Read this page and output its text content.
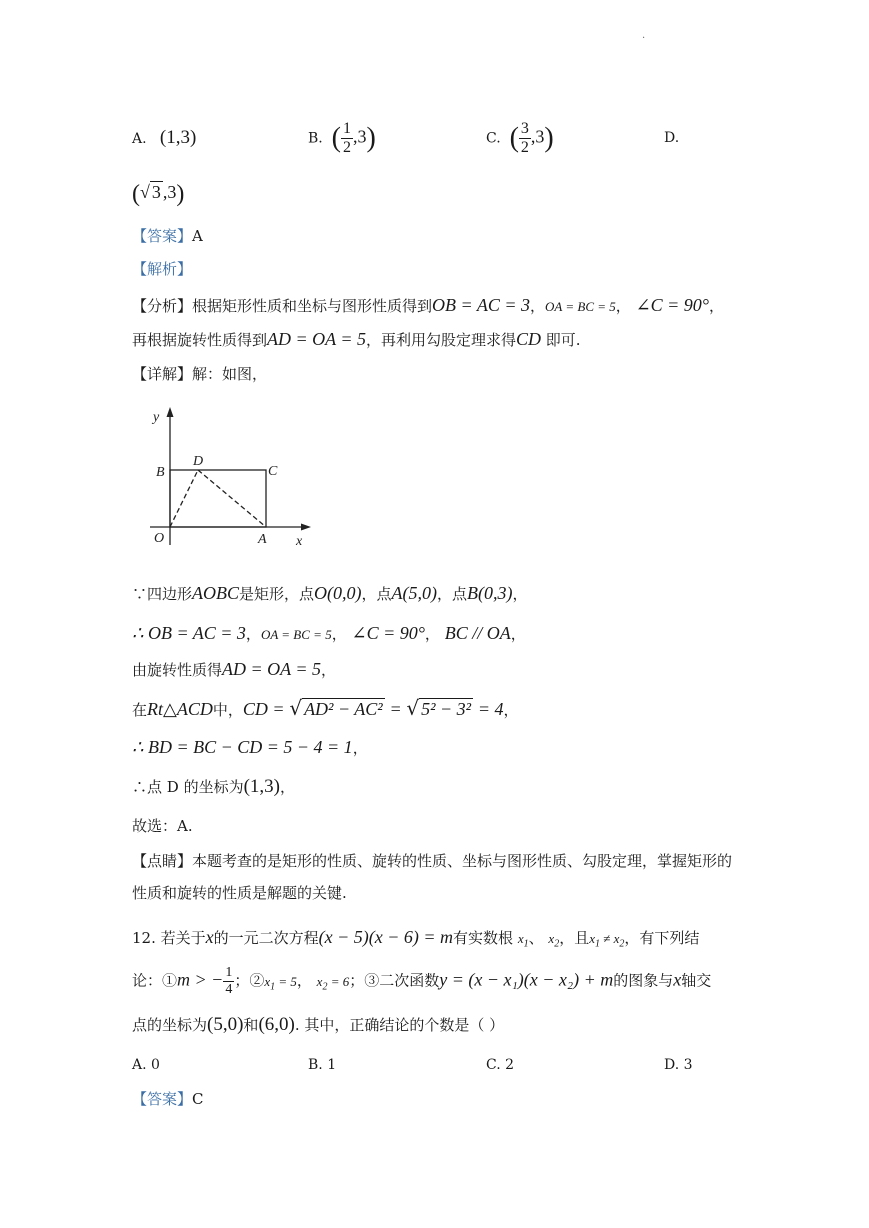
.
A. (1,3)	B. ( $\frac{1}{2} ,3$)	C. ( $\frac{3}{2} ,3$)	D.
(√ 3 ,3)
【答案】A
【解析】
【分析】根据矩形性质和坐标与图形性质得到OB = AC = 3，OA = BC = 5， ∠C = 90°，
再根据旋转性质得到AD = OA = 5，再利用勾股定理求得CD 即可.
【详解】解：如图，
y
x
B
D
C
O	A
∵四边形AOBC是矩形，点O(0,0)，点A(5,0)，点B(0,3)，
∴ OB = AC = 3，OA = BC = 5， ∠C = 90°， BC // OA，
由旋转性质得AD = OA = 5，
在Rt△ACD中，CD = √ AD² − AC² = √ 5² − 3² = 4，
∴ BD = BC − CD = 5 − 4 = 1，
∴点 D 的坐标为(1,3)，
故选：A.
【点睛】本题考查的是矩形的性质、旋转的性质、坐标与图形性质、勾股定理，掌握矩形的
性质和旋转的性质是解题的关键.
12. 若关于x的一元二次方程(x − 5)(x − 6) = m有实数根 $x_1$、 $x_2$，且$x_1 \ne x_2$，有下列结
论：①m > − $\frac{1}{4}$ ；$②x_1 = 5$， $x_2 = 6$；③二次函数y = (x − x₁)(x − x₂) + m的图象与x轴交
点的坐标为(5,0)和(6,0). 其中，正确结论的个数是（ ）
A. 0	B. 1	C. 2	D. 3
【答案】C
